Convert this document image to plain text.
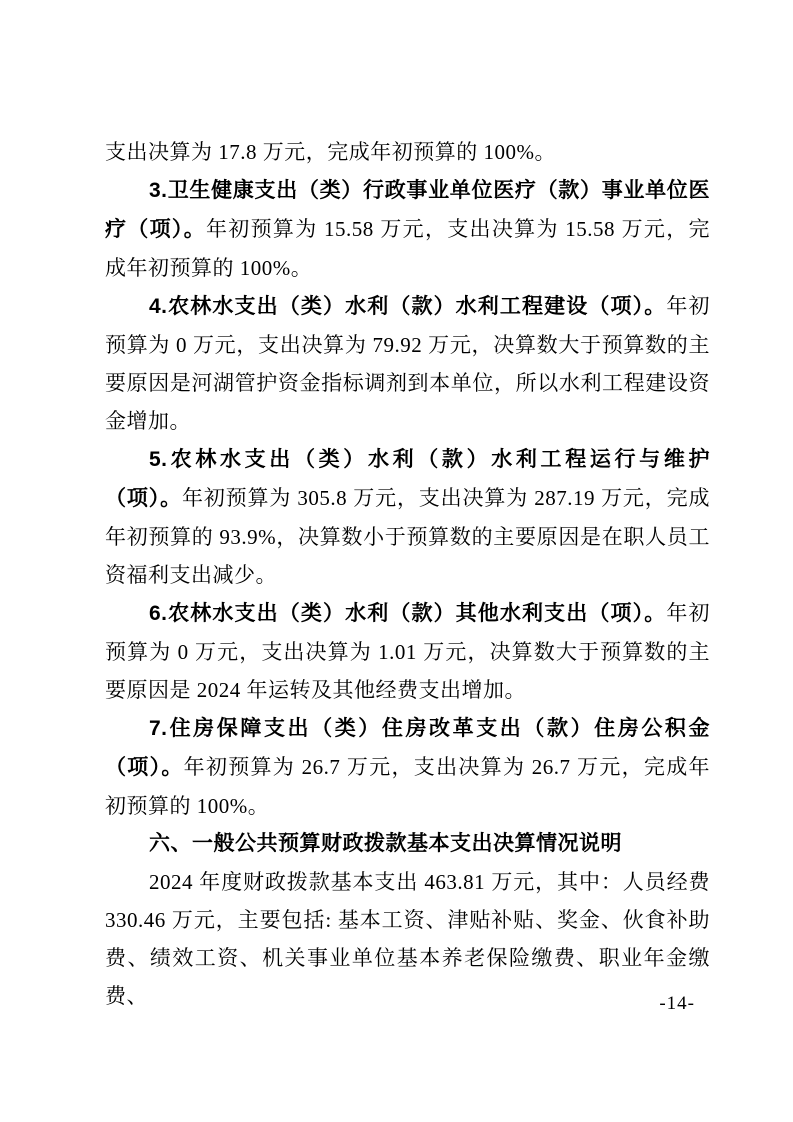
支出决算为 17.8 万元，完成年初预算的 100%。

3.卫生健康支出（类）行政事业单位医疗（款）事业单位医疗（项）。年初预算为 15.58 万元，支出决算为 15.58 万元，完成年初预算的 100%。

4.农林水支出（类）水利（款）水利工程建设（项）。年初预算为 0 万元，支出决算为 79.92 万元，决算数大于预算数的主要原因是河湖管护资金指标调剂到本单位，所以水利工程建设资金增加。

5.农林水支出（类）水利（款）水利工程运行与维护（项）。年初预算为 305.8 万元，支出决算为 287.19 万元，完成年初预算的 93.9%，决算数小于预算数的主要原因是在职人员工资福利支出减少。

6.农林水支出（类）水利（款）其他水利支出（项）。年初预算为 0 万元，支出决算为 1.01 万元，决算数大于预算数的主要原因是 2024 年运转及其他经费支出增加。

7.住房保障支出（类）住房改革支出（款）住房公积金（项）。年初预算为 26.7 万元，支出决算为 26.7 万元，完成年初预算的 100%。

六、一般公共预算财政拨款基本支出决算情况说明

2024 年度财政拨款基本支出 463.81 万元，其中：人员经费 330.46 万元，主要包括: 基本工资、津贴补贴、奖金、伙食补助费、绩效工资、机关事业单位基本养老保险缴费、职业年金缴费、	-14-
